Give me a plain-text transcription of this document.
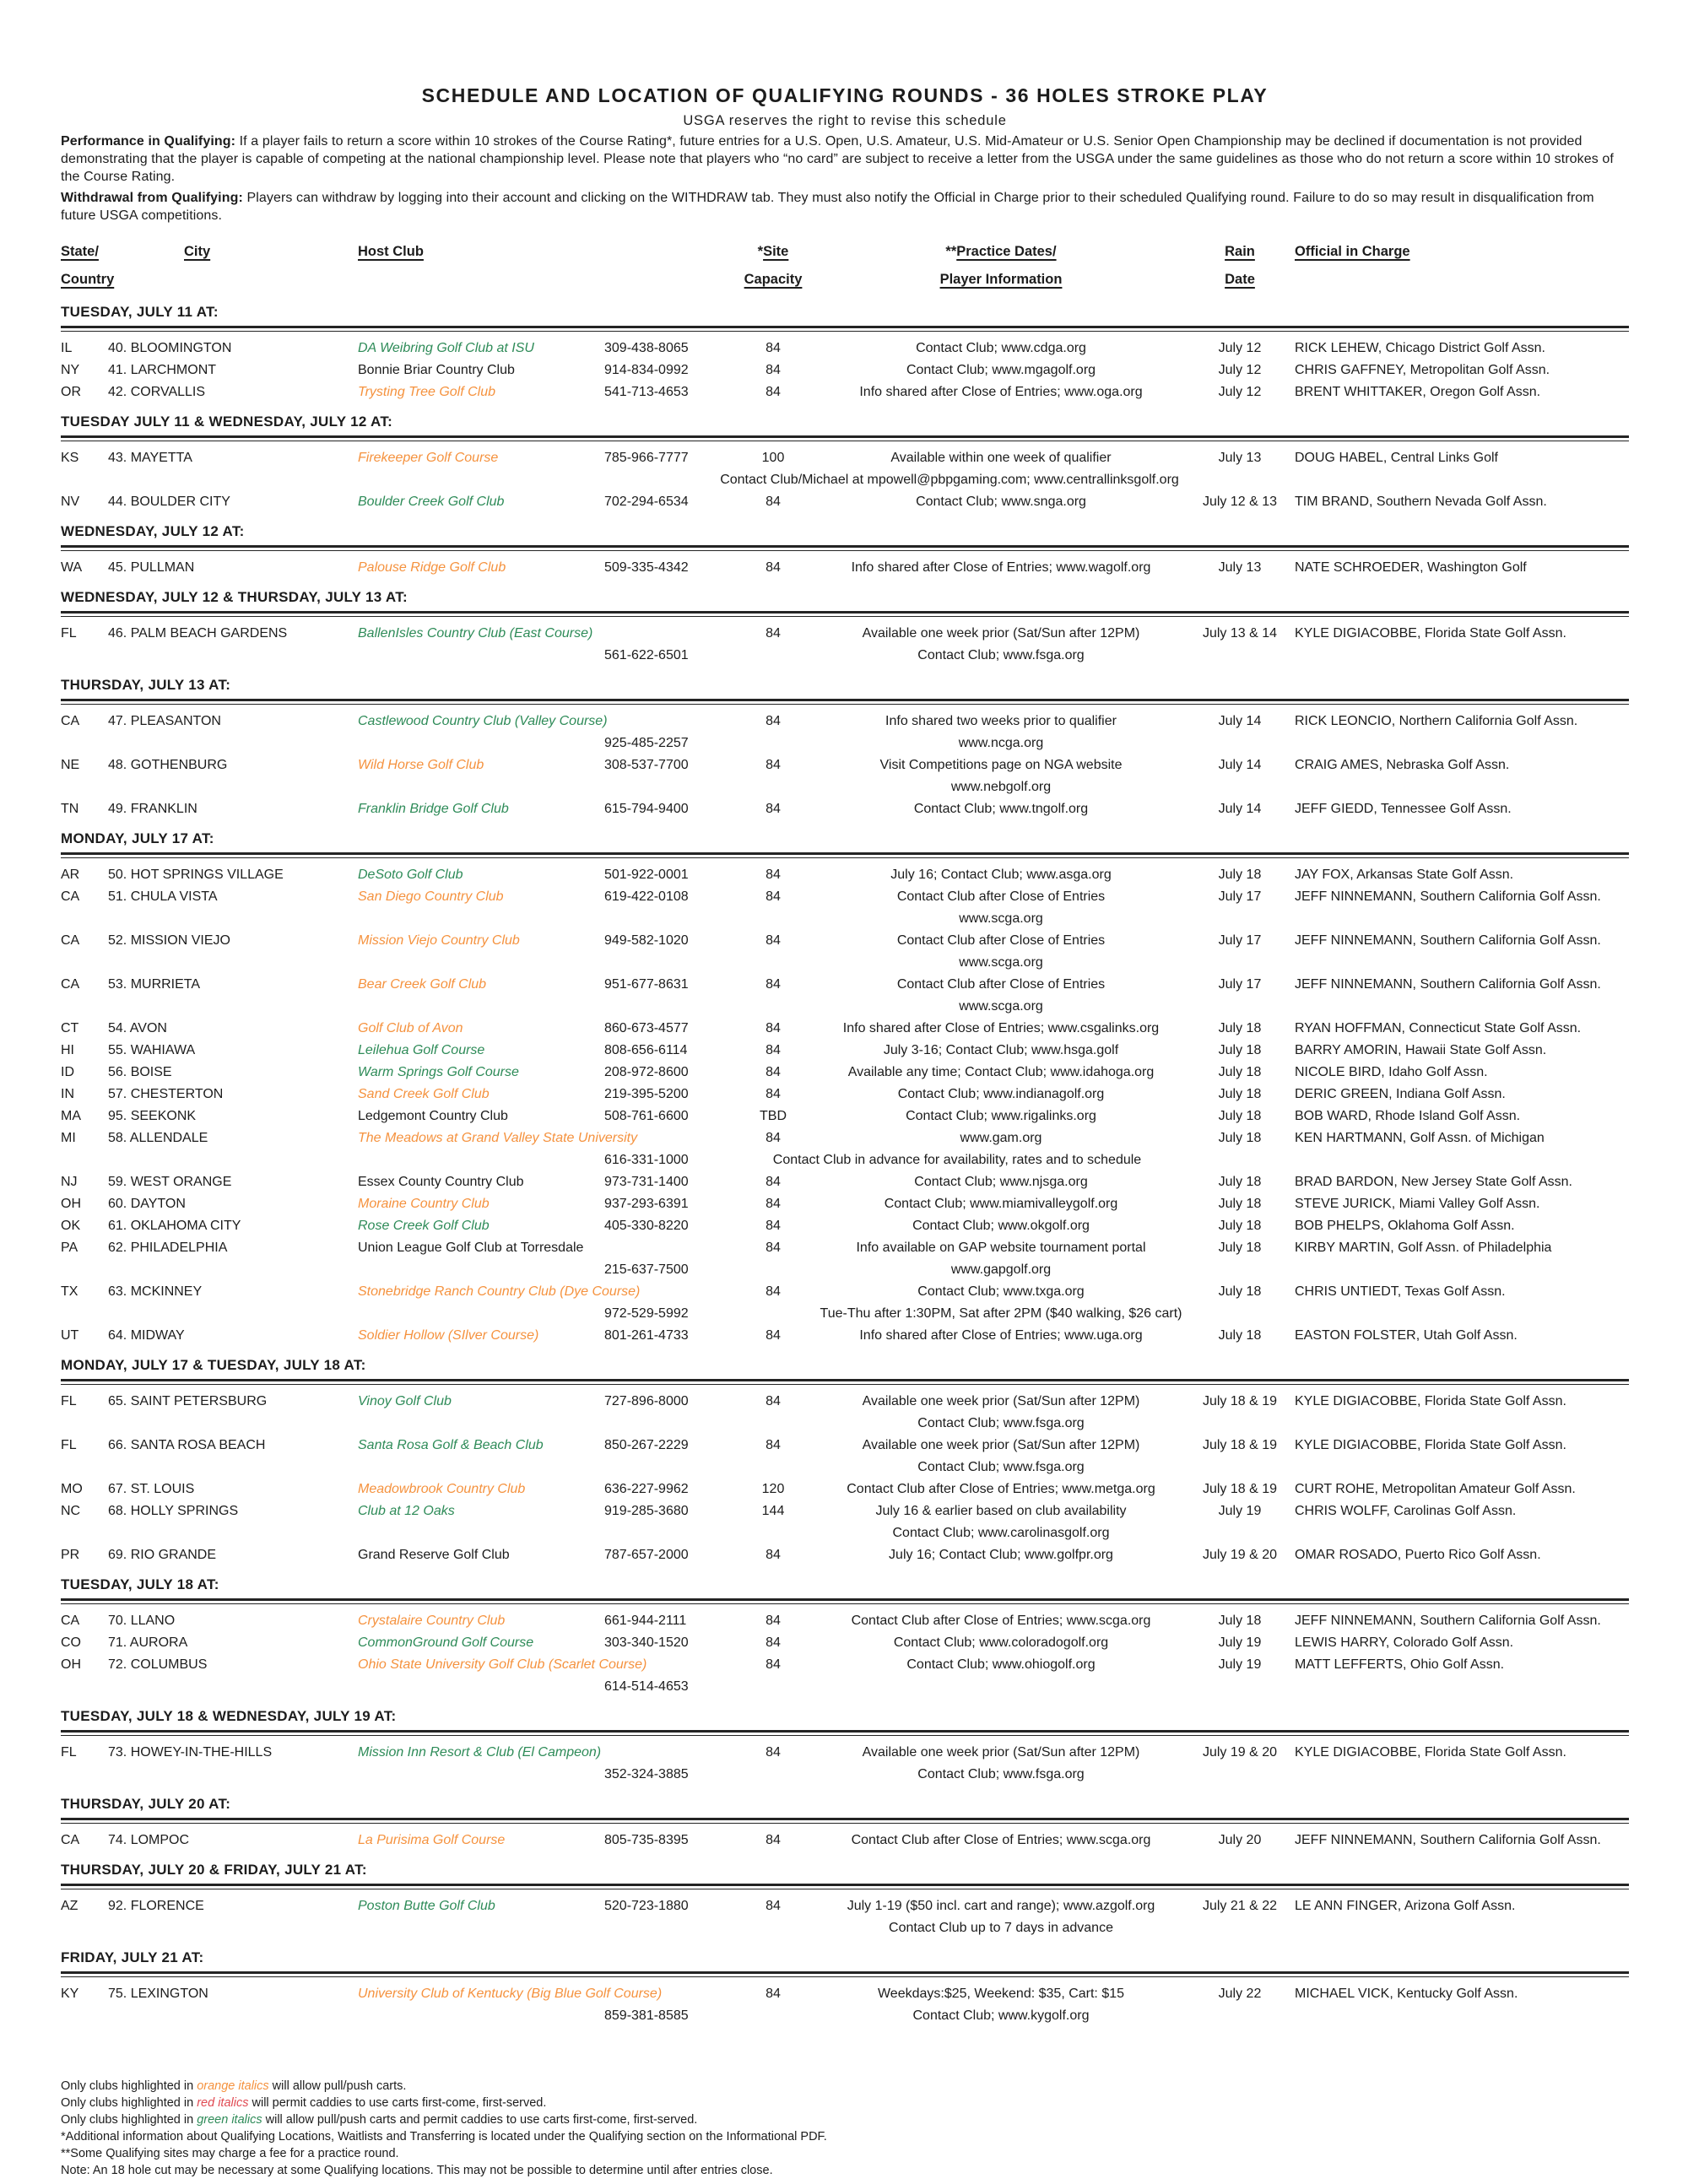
SCHEDULE AND LOCATION OF QUALIFYING ROUNDS - 36 HOLES STROKE PLAY
USGA reserves the right to revise this schedule

Performance in Qualifying: If a player fails to return a score within 10 strokes of the Course Rating*, future entries for a U.S. Open, U.S. Amateur, U.S. Mid-Amateur or U.S. Senior Open Championship may be declined if documentation is not provided demonstrating that the player is capable of competing at the national championship level. Please note that players who “no card” are subject to receive a letter from the USGA under the same guidelines as those who do not return a score within 10 strokes of the Course Rating.

Withdrawal from Qualifying: Players can withdraw by logging into their account and clicking on the WITHDRAW tab. They must also notify the Official in Charge prior to their scheduled Qualifying round. Failure to do so may result in disqualification from future USGA competitions.

State/	City	Host Club	*Site	**Practice Dates/	Rain	Official in Charge
Country	Capacity	Player Information	Date
TUESDAY, JULY 11 AT:
IL	40. BLOOMINGTON	DA Weibring Golf Club at ISU	309-438-8065	84	Contact Club; www.cdga.org	July 12	RICK LEHEW, Chicago District Golf Assn.
NY	41. LARCHMONT	Bonnie Briar Country Club	914-834-0992	84	Contact Club; www.mgagolf.org	July 12	CHRIS GAFFNEY, Metropolitan Golf Assn.
OR	42. CORVALLIS	Trysting Tree Golf Club	541-713-4653	84	Info shared after Close of Entries; www.oga.org	July 12	BRENT WHITTAKER, Oregon Golf Assn.
TUESDAY JULY 11 & WEDNESDAY, JULY 12 AT:
KS	43. MAYETTA	Firekeeper Golf Course	785-966-7777	100	Available within one week of qualifier	July 13	DOUG HABEL, Central Links Golf
Contact Club/Michael at mpowell@pbpgaming.com; www.centrallinksgolf.org
NV	44. BOULDER CITY	Boulder Creek Golf Club	702-294-6534	84	Contact Club; www.snga.org	July 12 & 13	TIM BRAND, Southern Nevada Golf Assn.
WEDNESDAY, JULY 12 AT:
WA	45. PULLMAN	Palouse Ridge Golf Club	509-335-4342	84	Info shared after Close of Entries; www.wagolf.org	July 13	NATE SCHROEDER, Washington Golf
WEDNESDAY, JULY 12 & THURSDAY, JULY 13 AT:
FL	46. PALM BEACH GARDENS	BallenIsles Country Club (East Course)	84	Available one week prior (Sat/Sun after 12PM)	July 13 & 14	KYLE DIGIACOBBE, Florida State Golf Assn.
561-622-6501	Contact Club; www.fsga.org
THURSDAY, JULY 13 AT:
CA	47. PLEASANTON	Castlewood Country Club (Valley Course)	84	Info shared two weeks prior to qualifier	July 14	RICK LEONCIO, Northern California Golf Assn.
925-485-2257	www.ncga.org
NE	48. GOTHENBURG	Wild Horse Golf Club	308-537-7700	84	Visit Competitions page on NGA website	July 14	CRAIG AMES, Nebraska Golf Assn.
www.nebgolf.org
TN	49. FRANKLIN	Franklin Bridge Golf Club	615-794-9400	84	Contact Club; www.tngolf.org	July 14	JEFF GIEDD, Tennessee Golf Assn.
MONDAY, JULY 17 AT:
AR	50. HOT SPRINGS VILLAGE	DeSoto Golf Club	501-922-0001	84	July 16; Contact Club; www.asga.org	July 18	JAY FOX, Arkansas State Golf Assn.
CA	51. CHULA VISTA	San Diego Country Club	619-422-0108	84	Contact Club after Close of Entries	July 17	JEFF NINNEMANN, Southern California Golf Assn.
www.scga.org
CA	52. MISSION VIEJO	Mission Viejo Country Club	949-582-1020	84	Contact Club after Close of Entries	July 17	JEFF NINNEMANN, Southern California Golf Assn.
www.scga.org
CA	53. MURRIETA	Bear Creek Golf Club	951-677-8631	84	Contact Club after Close of Entries	July 17	JEFF NINNEMANN, Southern California Golf Assn.
www.scga.org
CT	54. AVON	Golf Club of Avon	860-673-4577	84	Info shared after Close of Entries; www.csgalinks.org	July 18	RYAN HOFFMAN, Connecticut State Golf Assn.
HI	55. WAHIAWA	Leilehua Golf Course	808-656-6114	84	July 3-16; Contact Club; www.hsga.golf	July 18	BARRY AMORIN, Hawaii State Golf Assn.
ID	56. BOISE	Warm Springs Golf Course	208-972-8600	84	Available any time; Contact Club; www.idahoga.org	July 18	NICOLE BIRD, Idaho Golf Assn.
IN	57. CHESTERTON	Sand Creek Golf Club	219-395-5200	84	Contact Club; www.indianagolf.org	July 18	DERIC GREEN, Indiana Golf Assn.
MA	95. SEEKONK	Ledgemont Country Club	508-761-6600	TBD	Contact Club; www.rigalinks.org	July 18	BOB WARD, Rhode Island Golf Assn.
MI	58. ALLENDALE	The Meadows at Grand Valley State University	84	www.gam.org	July 18	KEN HARTMANN, Golf Assn. of Michigan
616-331-1000	Contact Club in advance for availability, rates and to schedule
NJ	59. WEST ORANGE	Essex County Country Club	973-731-1400	84	Contact Club; www.njsga.org	July 18	BRAD BARDON, New Jersey State Golf Assn.
OH	60. DAYTON	Moraine Country Club	937-293-6391	84	Contact Club; www.miamivalleygolf.org	July 18	STEVE JURICK, Miami Valley Golf Assn.
OK	61. OKLAHOMA CITY	Rose Creek Golf Club	405-330-8220	84	Contact Club; www.okgolf.org	July 18	BOB PHELPS, Oklahoma Golf Assn.
PA	62. PHILADELPHIA	Union League Golf Club at Torresdale	84	Info available on GAP website tournament portal	July 18	KIRBY MARTIN, Golf Assn. of Philadelphia
215-637-7500	www.gapgolf.org
TX	63. MCKINNEY	Stonebridge Ranch Country Club (Dye Course)	84	Contact Club; www.txga.org	July 18	CHRIS UNTIEDT, Texas Golf Assn.
972-529-5992	Tue-Thu after 1:30PM, Sat after 2PM ($40 walking, $26 cart)
UT	64. MIDWAY	Soldier Hollow (SIlver Course)	801-261-4733	84	Info shared after Close of Entries; www.uga.org	July 18	EASTON FOLSTER, Utah Golf Assn.
MONDAY, JULY 17 & TUESDAY, JULY 18 AT:
FL	65. SAINT PETERSBURG	Vinoy Golf Club	727-896-8000	84	Available one week prior (Sat/Sun after 12PM)	July 18 & 19	KYLE DIGIACOBBE, Florida State Golf Assn.
Contact Club; www.fsga.org
FL	66. SANTA ROSA BEACH	Santa Rosa Golf & Beach Club	850-267-2229	84	Available one week prior (Sat/Sun after 12PM)	July 18 & 19	KYLE DIGIACOBBE, Florida State Golf Assn.
Contact Club; www.fsga.org
MO	67. ST. LOUIS	Meadowbrook Country Club	636-227-9962	120	Contact Club after Close of Entries; www.metga.org	July 18 & 19	CURT ROHE, Metropolitan Amateur Golf Assn.
NC	68. HOLLY SPRINGS	Club at 12 Oaks	919-285-3680	144	July 16 & earlier based on club availability	July 19	CHRIS WOLFF, Carolinas Golf Assn.
Contact Club; www.carolinasgolf.org
PR	69. RIO GRANDE	Grand Reserve Golf Club	787-657-2000	84	July 16; Contact Club; www.golfpr.org	July 19 & 20	OMAR ROSADO, Puerto Rico Golf Assn.
TUESDAY, JULY 18 AT:
CA	70. LLANO	Crystalaire Country Club	661-944-2111	84	Contact Club after Close of Entries; www.scga.org	July 18	JEFF NINNEMANN, Southern California Golf Assn.
CO	71. AURORA	CommonGround Golf Course	303-340-1520	84	Contact Club; www.coloradogolf.org	July 19	LEWIS HARRY, Colorado Golf Assn.
OH	72. COLUMBUS	Ohio State University Golf Club (Scarlet Course)	84	Contact Club; www.ohiogolf.org	July 19	MATT LEFFERTS, Ohio Golf Assn.
614-514-4653
TUESDAY, JULY 18 & WEDNESDAY, JULY 19 AT:
FL	73. HOWEY-IN-THE-HILLS	Mission Inn Resort & Club (El Campeon)	84	Available one week prior (Sat/Sun after 12PM)	July 19 & 20	KYLE DIGIACOBBE, Florida State Golf Assn.
352-324-3885	Contact Club; www.fsga.org
THURSDAY, JULY 20 AT:
CA	74. LOMPOC	La Purisima Golf Course	805-735-8395	84	Contact Club after Close of Entries; www.scga.org	July 20	JEFF NINNEMANN, Southern California Golf Assn.
THURSDAY, JULY 20 & FRIDAY, JULY 21 AT:
AZ	92. FLORENCE	Poston Butte Golf Club	520-723-1880	84	July 1-19 ($50 incl. cart and range); www.azgolf.org	July 21 & 22	LE ANN FINGER, Arizona Golf Assn.
Contact Club up to 7 days in advance
FRIDAY, JULY 21 AT:
KY	75. LEXINGTON	University Club of Kentucky (Big Blue Golf Course)	84	Weekdays:$25, Weekend: $35, Cart: $15	July 22	MICHAEL VICK, Kentucky Golf Assn.
859-381-8585	Contact Club; www.kygolf.org
Only clubs highlighted in orange italics will allow pull/push carts.
Only clubs highlighted in red italics will permit caddies to use carts first-come, first-served.
Only clubs highlighted in green italics will allow pull/push carts and permit caddies to use carts first-come, first-served.
*Additional information about Qualifying Locations, Waitlists and Transferring is located under the Qualifying section on the Informational PDF.
**Some Qualifying sites may charge a fee for a practice round.
Note: An 18 hole cut may be necessary at some Qualifying locations. This may not be possible to determine until after entries close.
